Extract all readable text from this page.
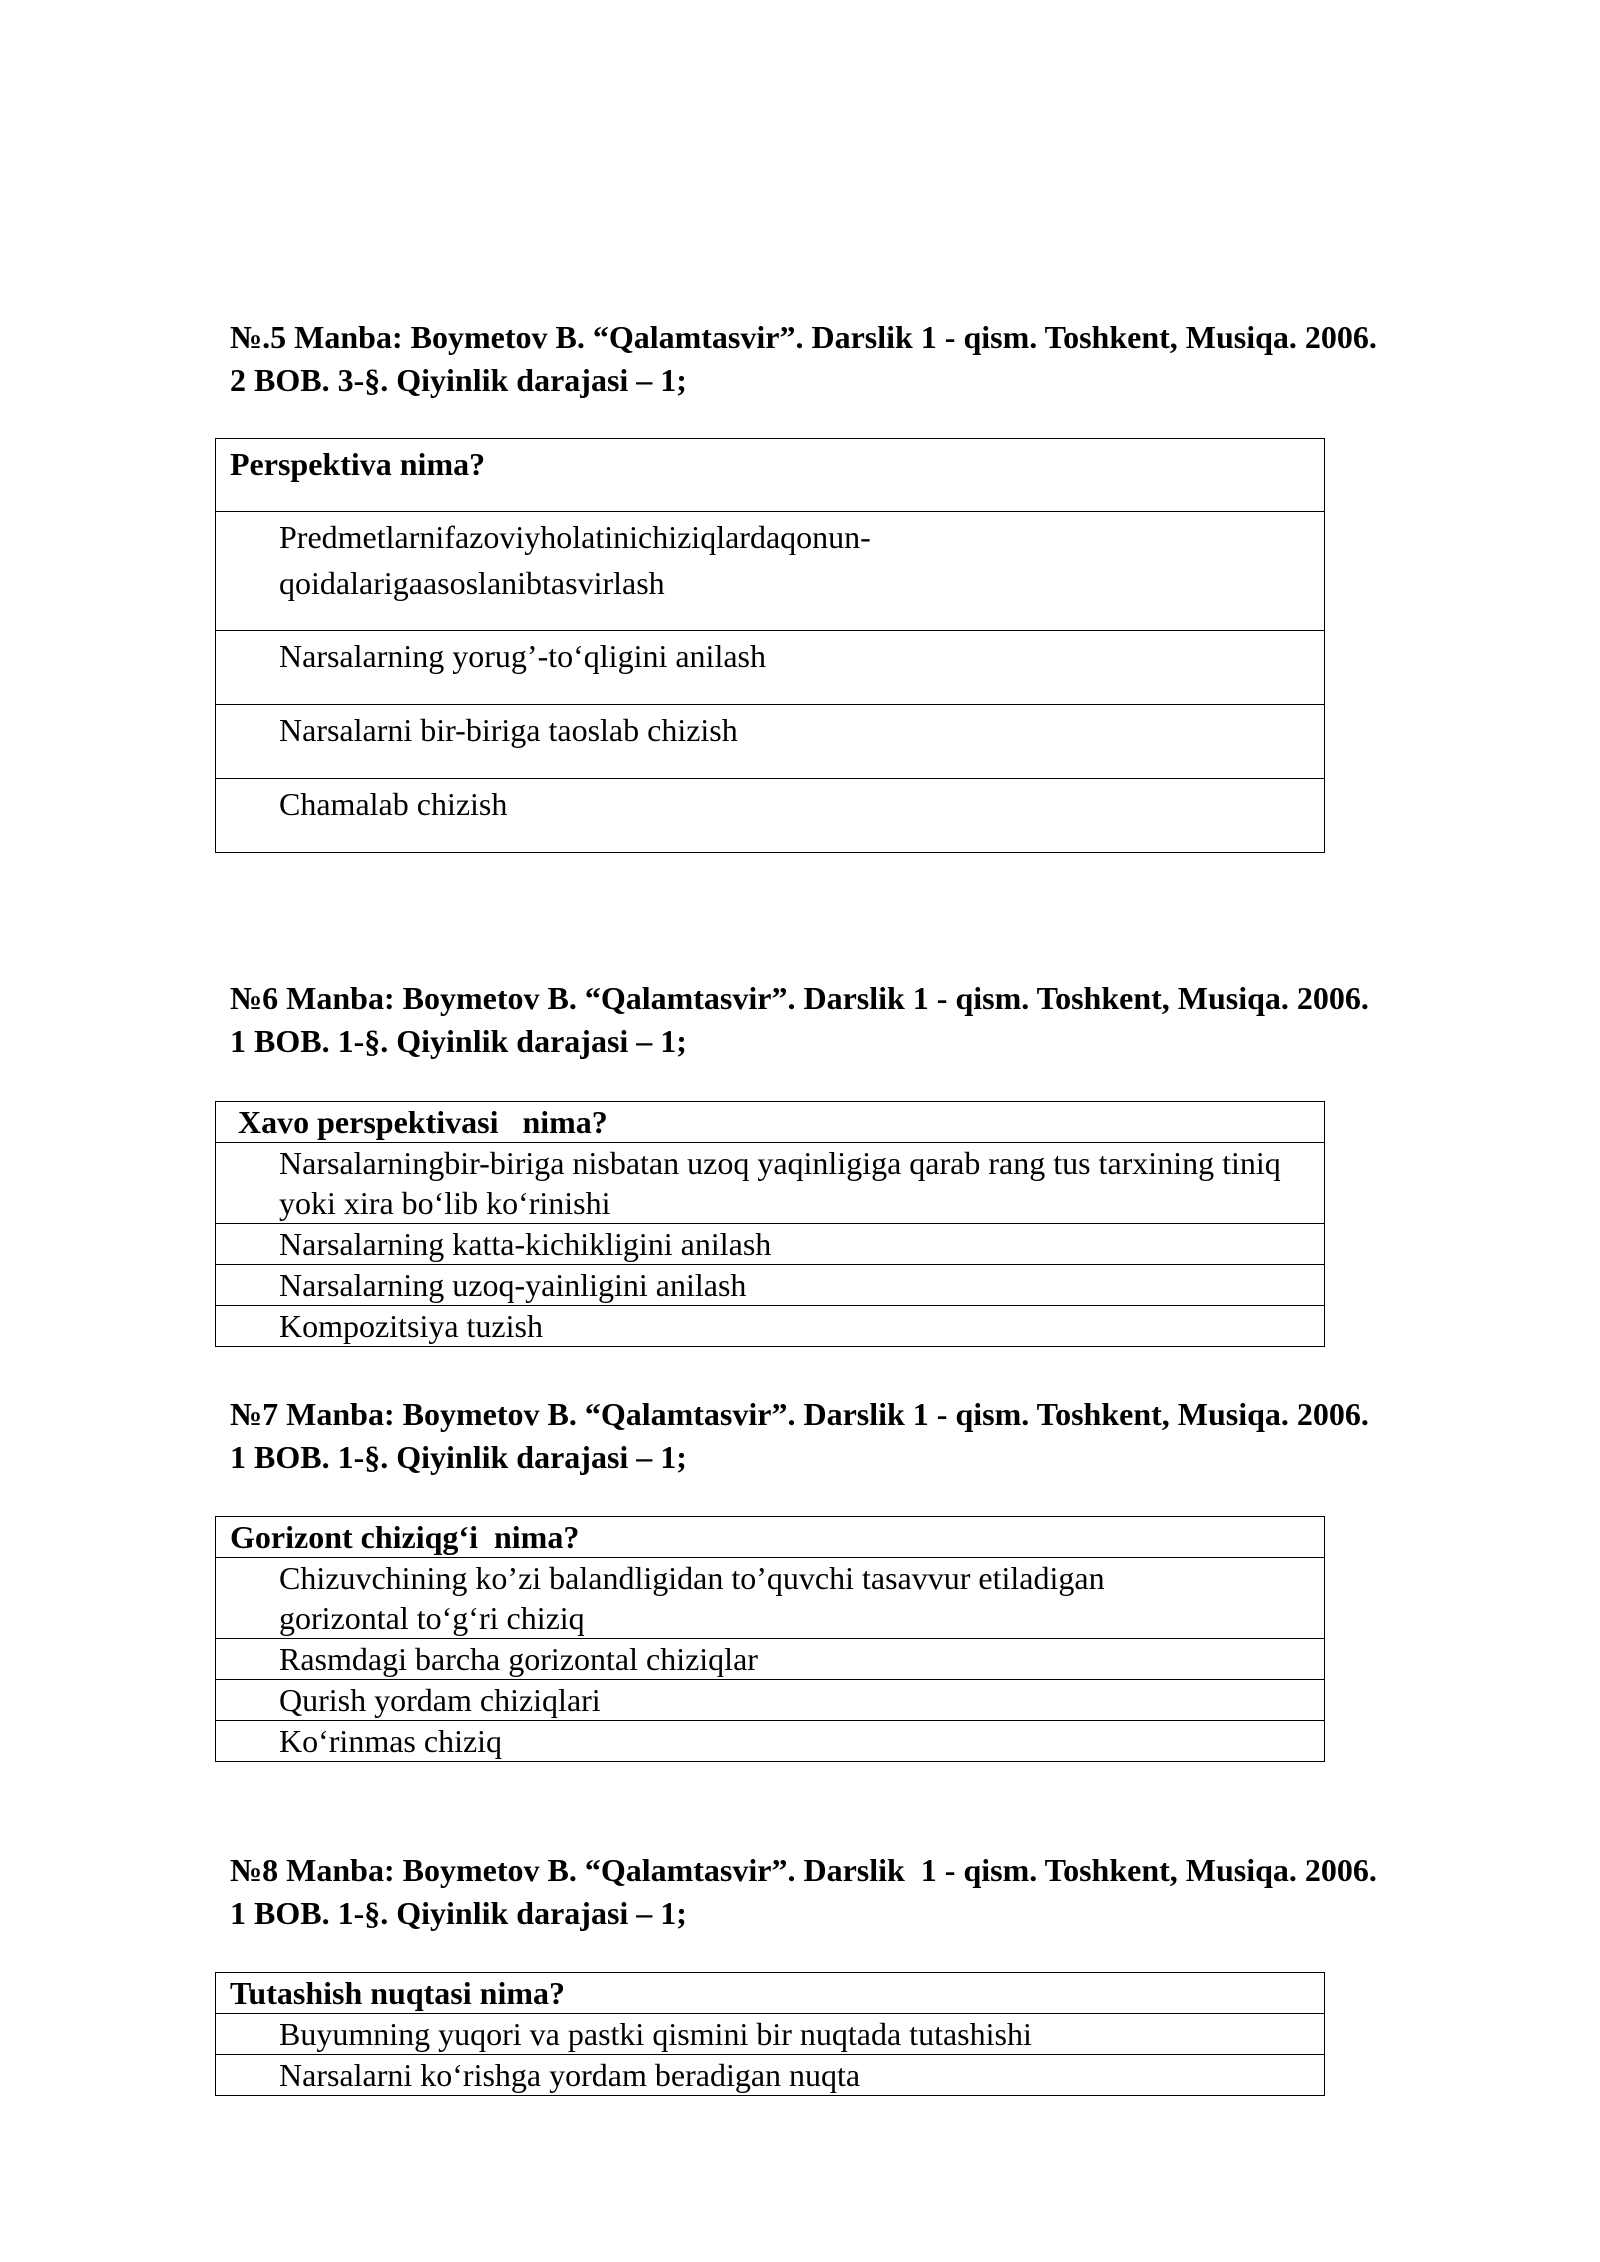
№.5 Manba: Boymetov B. “Qalamtasvir”. Darslik 1 - qism. Toshkent, Musiqa. 2006.
2 BOB. 3-§. Qiyinlik darajasi – 1;
Perspektiva nima?

Predmetlarnifazoviyholatinichiziqlardaqonun-qoidalarigaasoslanibtasvirlash

Narsalarning yorug’-to‘qligini anilash

Narsalarni bir-biriga taoslab chizish

Chamalab chizish
№6 Manba: Boymetov B. “Qalamtasvir”. Darslik 1 - qism. Toshkent, Musiqa. 2006.
1 BOB. 1-§. Qiyinlik darajasi – 1;
Xavo perspektivasi   nima?

Narsalarningbir-biriga nisbatan uzoq yaqinligiga qarab rang tus tarxining tiniq yoki xira bo‘lib ko‘rinishi

Narsalarning katta-kichikligini anilash

Narsalarning uzoq-yainligini anilash

Kompozitsiya tuzish
№7 Manba: Boymetov B. “Qalamtasvir”. Darslik 1 - qism. Toshkent, Musiqa. 2006.
1 BOB. 1-§. Qiyinlik darajasi – 1;
Gorizont chiziqg‘i  nima?

Chizuvchining ko’zi balandligidan to’quvchi tasavvur etiladigan gorizontal to‘g‘ri chiziq

Rasmdagi barcha gorizontal chiziqlar

Qurish yordam chiziqlari

Ko‘rinmas chiziq
№8 Manba: Boymetov B. “Qalamtasvir”. Darslik  1 - qism. Toshkent, Musiqa. 2006.
1 BOB. 1-§. Qiyinlik darajasi – 1;
Tutashish nuqtasi nima?

Buyumning yuqori va pastki qismini bir nuqtada tutashishi

Narsalarni ko‘rishga yordam beradigan nuqta
